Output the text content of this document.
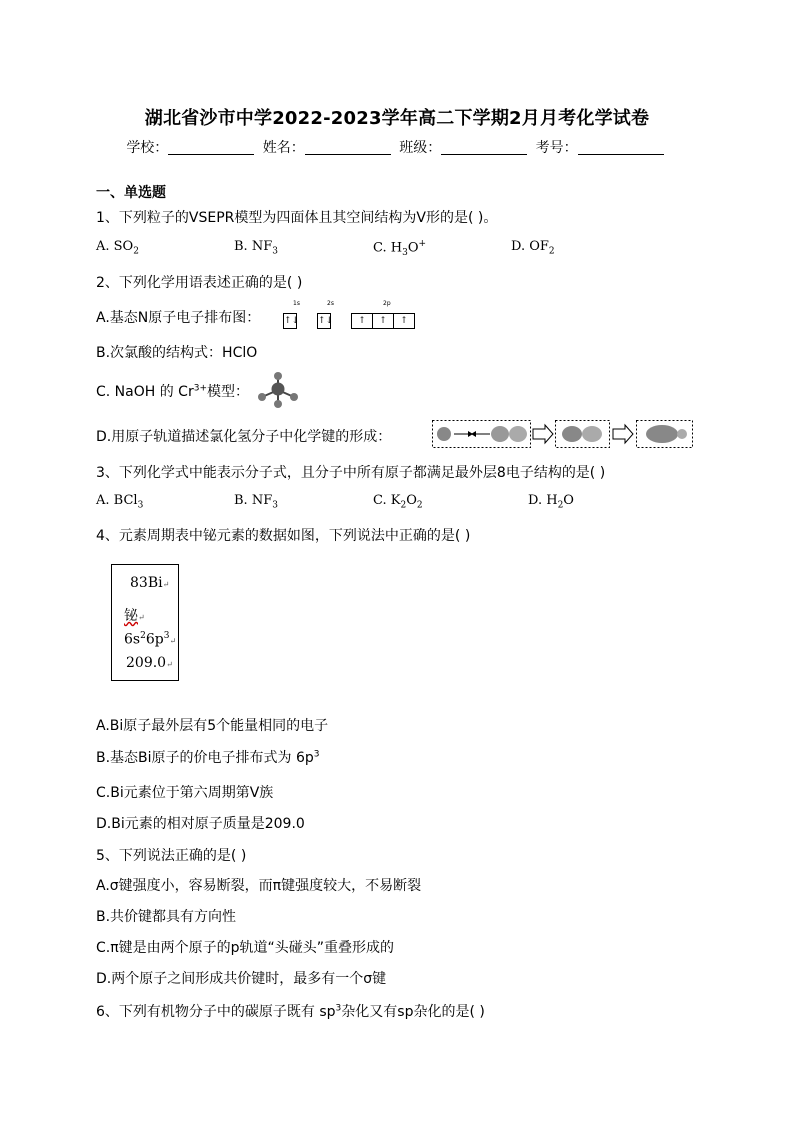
湖北省沙市中学2022-2023学年高二下学期2月月考化学试卷
学校：	姓名：	班级：	考号：
一、单选题
1、下列粒子的VSEPR模型为四面体且其空间结构为V形的是( )。
A. $SO_2$	B. $NF_3$	C. $H_3O^+$	D. $OF_2$
2、下列化学用语表述正确的是( )
A.基态N原子电子排布图：
1s	2s	2p
↑↓ ↑↓	↑ ↑ ↑
B.次氯酸的结构式：HClO
C. NaOH 的 $Cr^{3+}$模型：
D.用原子轨道描述氯化氢分子中化学键的形成：
3、下列化学式中能表示分子式，且分子中所有原子都满足最外层8电子结构的是( )
A. BCl$_3$	B. $NF_3$	C. $K_2O_2$	D. $H_2O$
4、元素周期表中铋元素的数据如图，下列说法中正确的是( )
83Bi↵
铋↵
$6s^26p^3↵$
209.0↵
A.Bi原子最外层有5个能量相同的电子
B.基态Bi原子的价电子排布式为 $6p^3$
C.Bi元素位于第六周期第Ⅴ族
D.Bi元素的相对原子质量是209.0
5、下列说法正确的是( )
A.σ键强度小，容易断裂，而π键强度较大，不易断裂
B.共价键都具有方向性
C.π键是由两个原子的p轨道“头碰头”重叠形成的
D.两个原子之间形成共价键时，最多有一个σ键
6、下列有机物分子中的碳原子既有 $sp^3$杂化又有sp杂化的是( )
